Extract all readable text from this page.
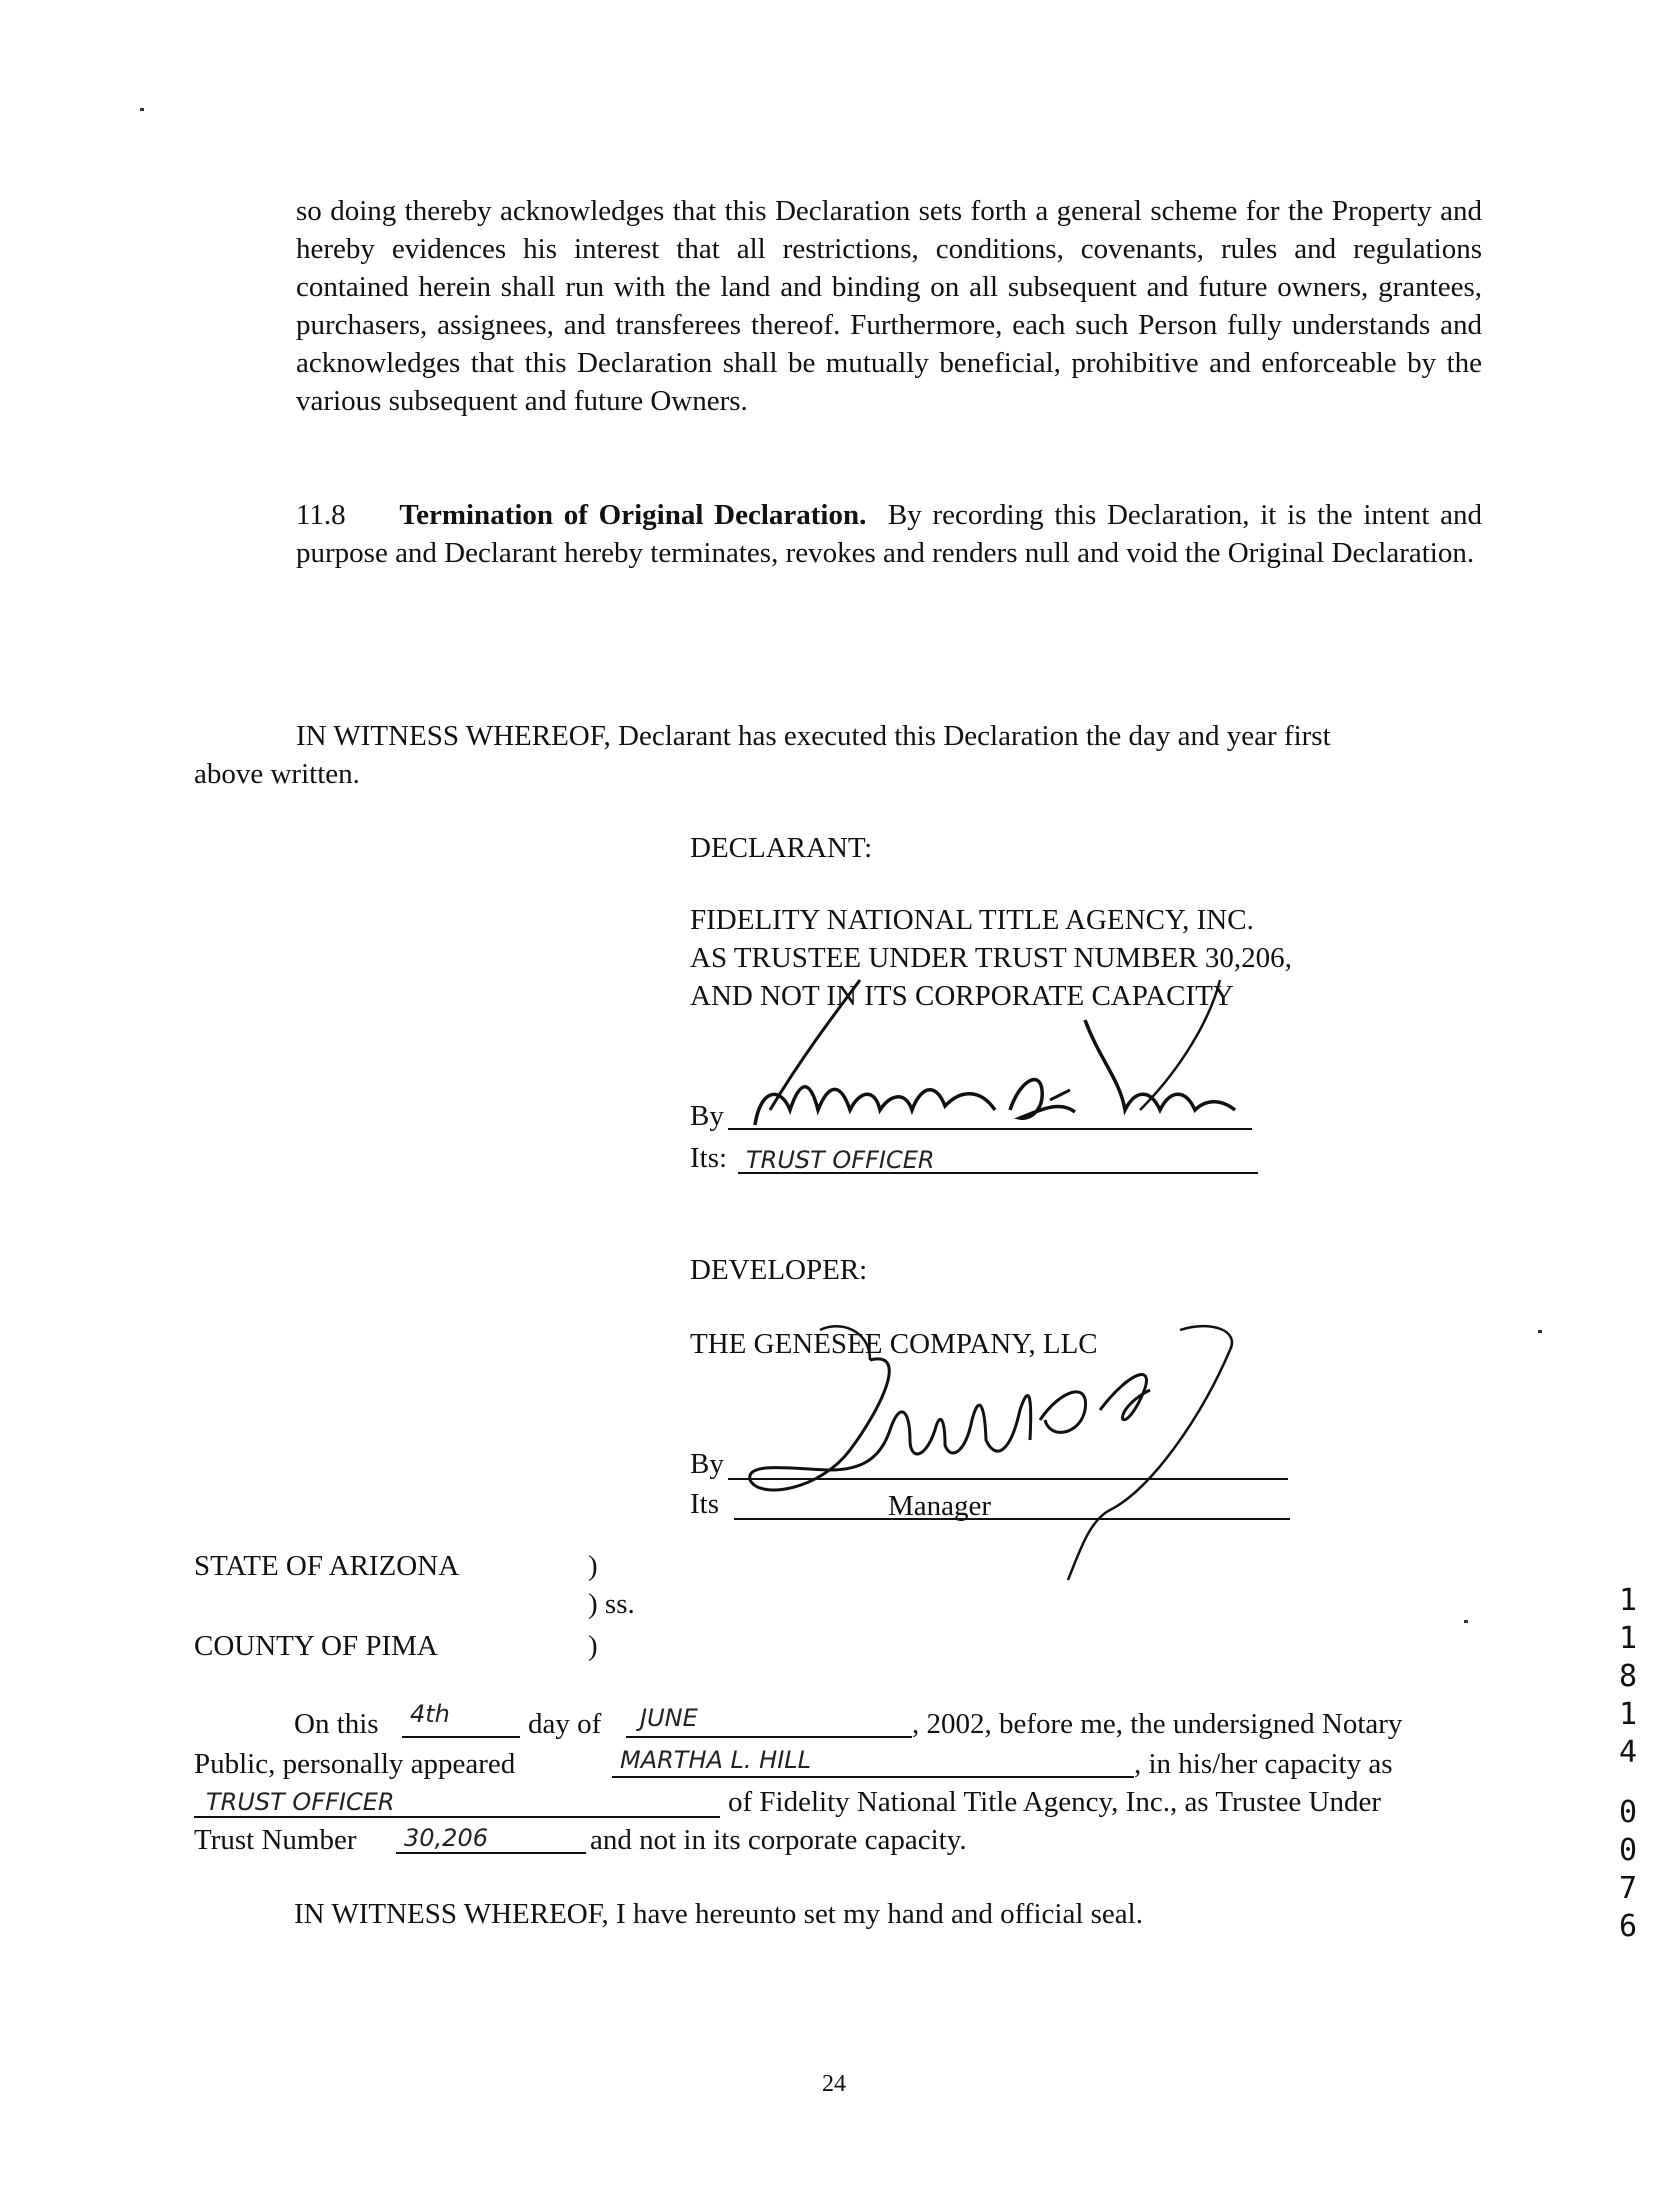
so doing thereby acknowledges that this Declaration sets forth a general scheme for the Property and hereby evidences his interest that all restrictions, conditions, covenants, rules and regulations contained herein shall run with the land and binding on all subsequent and future owners, grantees, purchasers, assignees, and transferees thereof. Furthermore, each such Person fully understands and acknowledges that this Declaration shall be mutually beneficial, prohibitive and enforceable by the various subsequent and future Owners.
11.8 Termination of Original Declaration. By recording this Declaration, it is the intent and purpose and Declarant hereby terminates, revokes and renders null and void the Original Declaration.
IN WITNESS WHEREOF, Declarant has executed this Declaration the day and year first
above written.
DECLARANT:
FIDELITY NATIONAL TITLE AGENCY, INC.
AS TRUSTEE UNDER TRUST NUMBER 30,206,
AND NOT IN ITS CORPORATE CAPACITY
By
Its: TRUST OFFICER
DEVELOPER:
THE GENESEE COMPANY, LLC
By
Its	Manager
STATE OF ARIZONA	)
) ss.
COUNTY OF PIMA	)
On this 4th	day of JUNE	, 2002, before me, the undersigned Notary
Public, personally appeared	MARTHA L. HILL	, in his/her capacity as
TRUST OFFICER	of Fidelity National Title Agency, Inc., as Trustee Under
Trust Number 30,206	and not in its corporate capacity.
IN WITNESS WHEREOF, I have hereunto set my hand and official seal.
24
1
1
8
1
4
0
0
7
6
